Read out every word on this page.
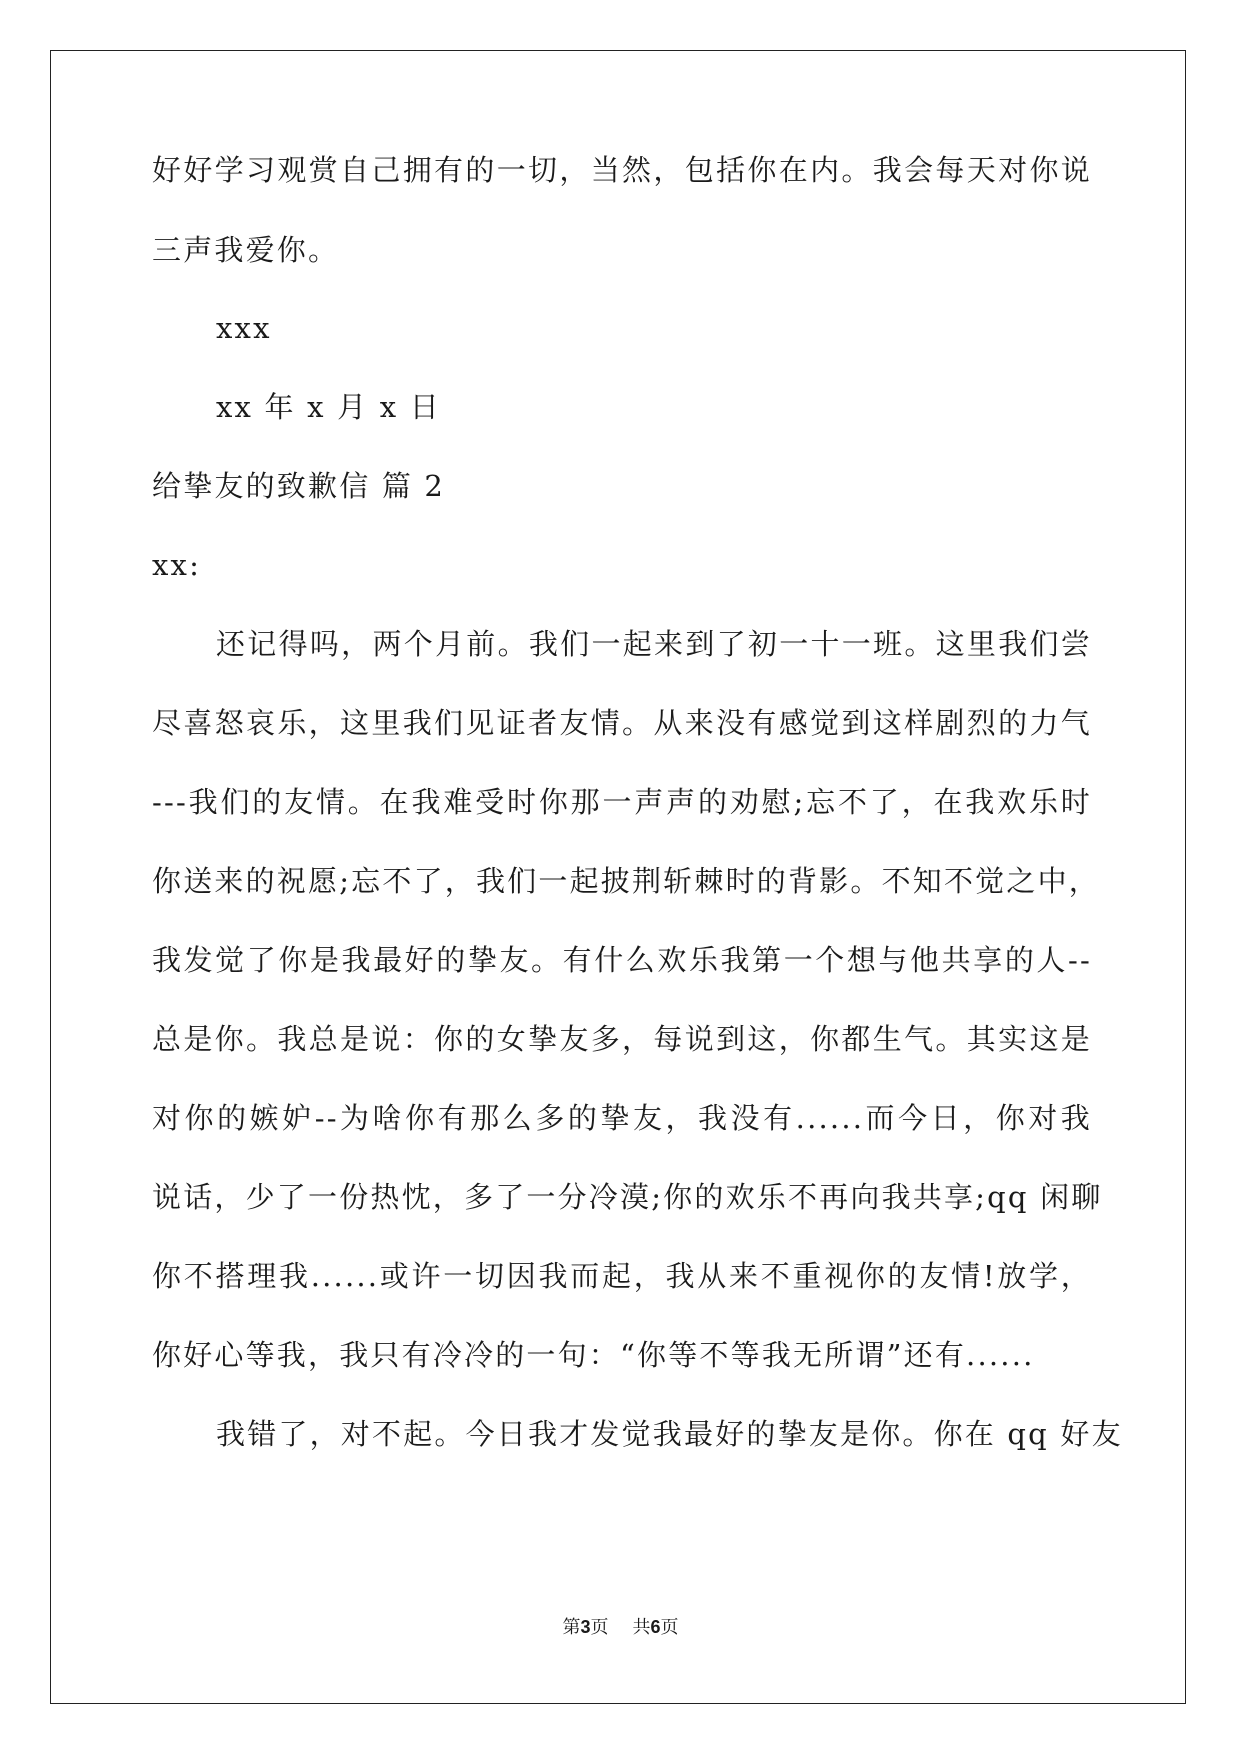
好好学习观赏自己拥有的一切，当然，包括你在内。我会每天对你说
三声我爱你。
xxx
xx 年 x 月 x 日
给挚友的致歉信 篇 2
xx:
还记得吗，两个月前。我们一起来到了初一十一班。这里我们尝
尽喜怒哀乐，这里我们见证者友情。从来没有感觉到这样剧烈的力气
---我们的友情。在我难受时你那一声声的劝慰;忘不了，在我欢乐时
你送来的祝愿;忘不了，我们一起披荆斩棘时的背影。不知不觉之中，
我发觉了你是我最好的挚友。有什么欢乐我第一个想与他共享的人--
总是你。我总是说：你的女挚友多，每说到这，你都生气。其实这是
对你的嫉妒--为啥你有那么多的挚友，我没有......而今日，你对我
说话，少了一份热忱，多了一分冷漠;你的欢乐不再向我共享;qq 闲聊
你不搭理我......或许一切因我而起，我从来不重视你的友情!放学，
你好心等我，我只有冷冷的一句：“你等不等我无所谓”还有......
我错了，对不起。今日我才发觉我最好的挚友是你。你在 qq 好友
第3页 共6页
